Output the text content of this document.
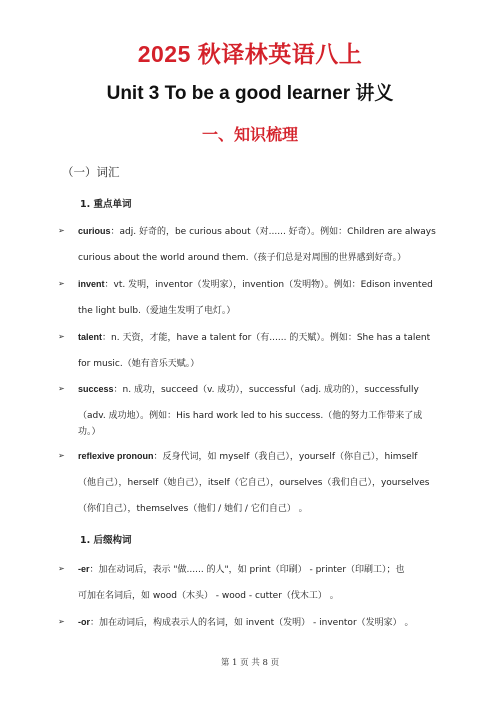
2025 秋译林英语八上
Unit 3 To be a good learner 讲义
一、知识梳理
（一）词汇
1. 重点单词
➢ curious：adj. 好奇的，be curious about（对...... 好奇）。例如：Children are always
curious about the world around them.（孩子们总是对周围的世界感到好奇。）
➢ invent：vt. 发明，inventor（发明家），invention（发明物）。例如：Edison invented
the light bulb.（爱迪生发明了电灯。）
➢ talent：n. 天资，才能，have a talent for（有...... 的天赋）。例如：She has a talent
for music.（她有音乐天赋。）
➢ success：n. 成功，succeed（v. 成功），successful（adj. 成功的），successfully
（adv. 成功地）。例如：His hard work led to his success.（他的努力工作带来了成
功。）
➢ reflexive pronoun：反身代词，如 myself（我自己），yourself（你自己），himself
（他自己），herself（她自己），itself（它自己），ourselves（我们自己），yourselves
（你们自己），themselves（他们 / 她们 / 它们自己） 。
1. 后缀构词
➢ -er：加在动词后，表示 "做...... 的人"，如 print（印刷） - printer（印刷工）；也
可加在名词后，如 wood（木头） - wood - cutter（伐木工） 。
➢ -or：加在动词后，构成表示人的名词，如 invent（发明） - inventor（发明家） 。
第 1 页 共 8 页
